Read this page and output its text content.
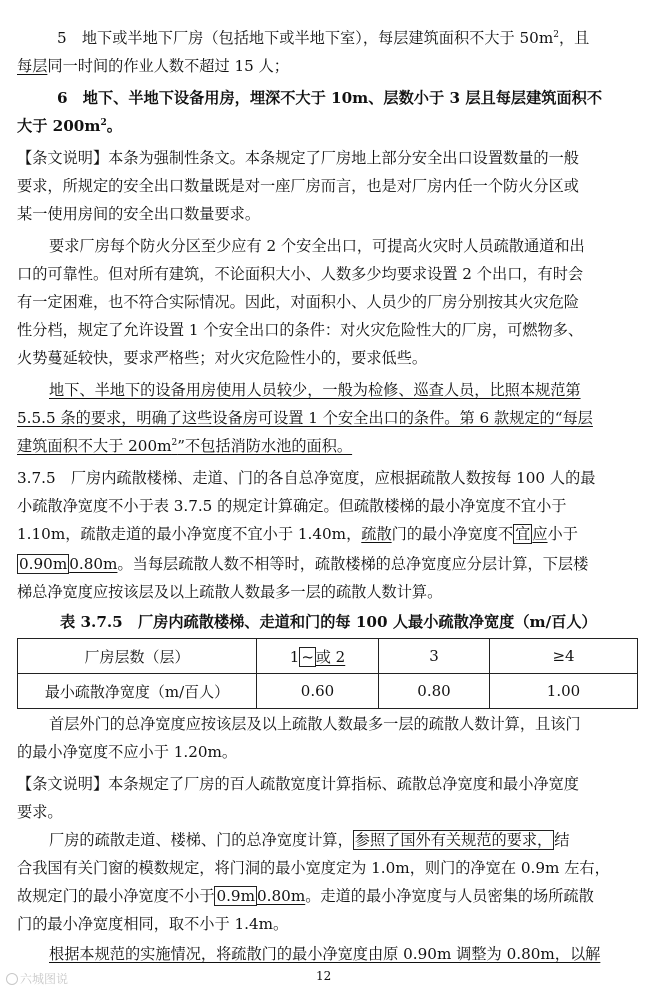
5　地下或半地下厂房（包括地下或半地下室），每层建筑面积不大于 $50m^2$，且
每层同一时间的作业人数不超过 15 人；
6　地下、半地下设备用房，埋深不大于 10m、层数小于 3 层且每层建筑面积不
大于 $200m^2$。
【条文说明】本条为强制性条文。本条规定了厂房地上部分安全出口设置数量的一般
要求，所规定的安全出口数量既是对一座厂房而言，也是对厂房内任一个防火分区或
某一使用房间的安全出口数量要求。
要求厂房每个防火分区至少应有 2 个安全出口，可提高火灾时人员疏散通道和出
口的可靠性。但对所有建筑，不论面积大小、人数多少均要求设置 2 个出口，有时会
有一定困难，也不符合实际情况。因此，对面积小、人员少的厂房分别按其火灾危险
性分档，规定了允许设置 1 个安全出口的条件：对火灾危险性大的厂房，可燃物多、
火势蔓延较快，要求严格些；对火灾危险性小的，要求低些。
地下、半地下的设备用房使用人员较少，一般为检修、巡查人员，比照本规范第
5.5.5 条的要求，明确了这些设备房可设置 1 个安全出口的条件。第 6 款规定的“每层
建筑面积不大于 $200m^2$”不包括消防水池的面积。
3.7.5　厂房内疏散楼梯、走道、门的各自总净宽度，应根据疏散人数按每 100 人的最
小疏散净宽度不小于表 3.7.5 的规定计算确定。但疏散楼梯的最小净宽度不宜小于
1.10m，疏散走道的最小净宽度不宜小于 1.40m，疏散门的最小净宽度不 宜 应小于
0.90m 0.80m。当每层疏散人数不相等时，疏散楼梯的总净宽度应分层计算，下层楼
梯总净宽度应按该层及以上疏散人数最多一层的疏散人数计算。
表 3.7.5　厂房内疏散楼梯、走道和门的每 100 人最小疏散净宽度（m/百人）
厂房层数（层）	1 ~ 或 2	3	≥4
最小疏散净宽度（m/百人）	0.60	0.80	1.00
首层外门的总净宽度应按该层及以上疏散人数最多一层的疏散人数计算，且该门
的最小净宽度不应小于 1.20m。
【条文说明】本条规定了厂房的百人疏散宽度计算指标、疏散总净宽度和最小净宽度
要求。
厂房的疏散走道、楼梯、门的总净宽度计算， 参照了国外有关规范的要求， 结
合我国有关门窗的模数规定，将门洞的最小宽度定为 1.0m，则门的净宽在 0.9m 左右，
故规定门的最小净宽度不小于 0.9m 0.80m。走道的最小净宽度与人员密集的场所疏散
门的最小净宽度相同，取不小于 1.4m。
根据本规范的实施情况，将疏散门的最小净宽度由原 0.90m 调整为 0.80m，以解
12
六城图说
